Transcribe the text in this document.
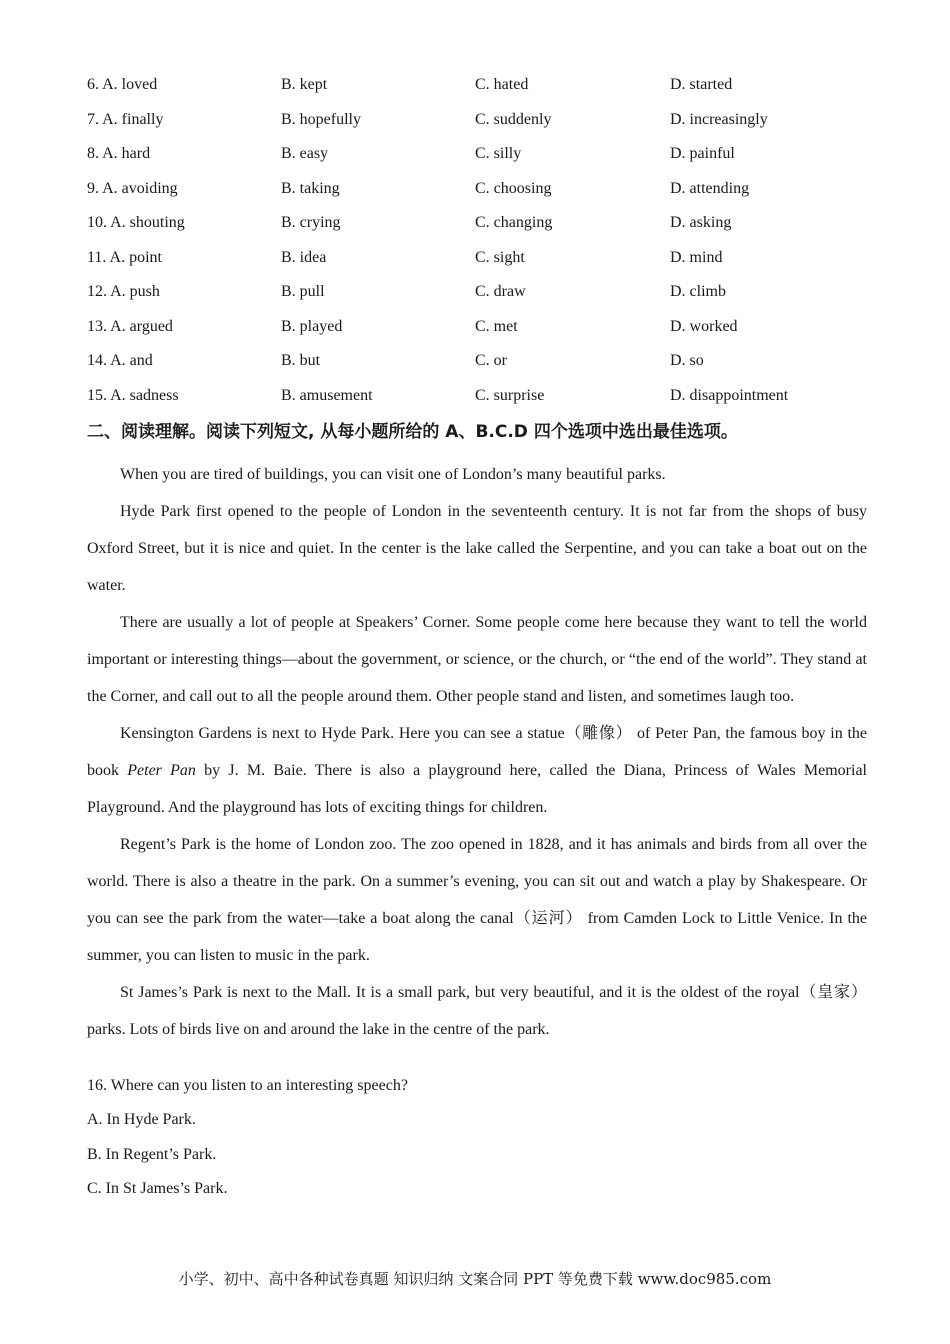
6. A. loved	B. kept	C. hated	D. started
7. A. finally	B. hopefully	C. suddenly	D. increasingly
8. A. hard	B. easy	C. silly	D. painful
9. A. avoiding	B. taking	C. choosing	D. attending
10. A. shouting	B. crying	C. changing	D. asking
11. A. point	B. idea	C. sight	D. mind
12. A. push	B. pull	C. draw	D. climb
13. A. argued	B. played	C. met	D. worked
14. A. and	B. but	C. or	D. so
15. A. sadness	B. amusement	C. surprise	D. disappointment
二、阅读理解。阅读下列短文, 从每小题所给的 A、B.C.D 四个选项中选出最佳选项。

When you are tired of buildings, you can visit one of London’s many beautiful parks.

Hyde Park first opened to the people of London in the seventeenth century. It is not far from the shops of busy Oxford Street, but it is nice and quiet. In the center is the lake called the Serpentine, and you can take a boat out on the water.

There are usually a lot of people at Speakers’ Corner. Some people come here because they want to tell the world important or interesting things—about the government, or science, or the church, or “the end of the world”. They stand at the Corner, and call out to all the people around them. Other people stand and listen, and sometimes laugh too.

Kensington Gardens is next to Hyde Park. Here you can see a statue（雕像） of Peter Pan, the famous boy in the book Peter Pan by J. M. Baie. There is also a playground here, called the Diana, Princess of Wales Memorial Playground. And the playground has lots of exciting things for children.

Regent’s Park is the home of London zoo. The zoo opened in 1828, and it has animals and birds from all over the world. There is also a theatre in the park. On a summer’s evening, you can sit out and watch a play by Shakespeare. Or you can see the park from the water—take a boat along the canal（运河） from Camden Lock to Little Venice. In the summer, you can listen to music in the park.

St James’s Park is next to the Mall. It is a small park, but very beautiful, and it is the oldest of the royal（皇家）parks. Lots of birds live on and around the lake in the centre of the park.

16. Where can you listen to an interesting speech?
A. In Hyde Park.
B. In Regent’s Park.
C. In St James’s Park.
小学、初中、高中各种试卷真题 知识归纳 文案合同 PPT 等免费下载 www.doc985.com
